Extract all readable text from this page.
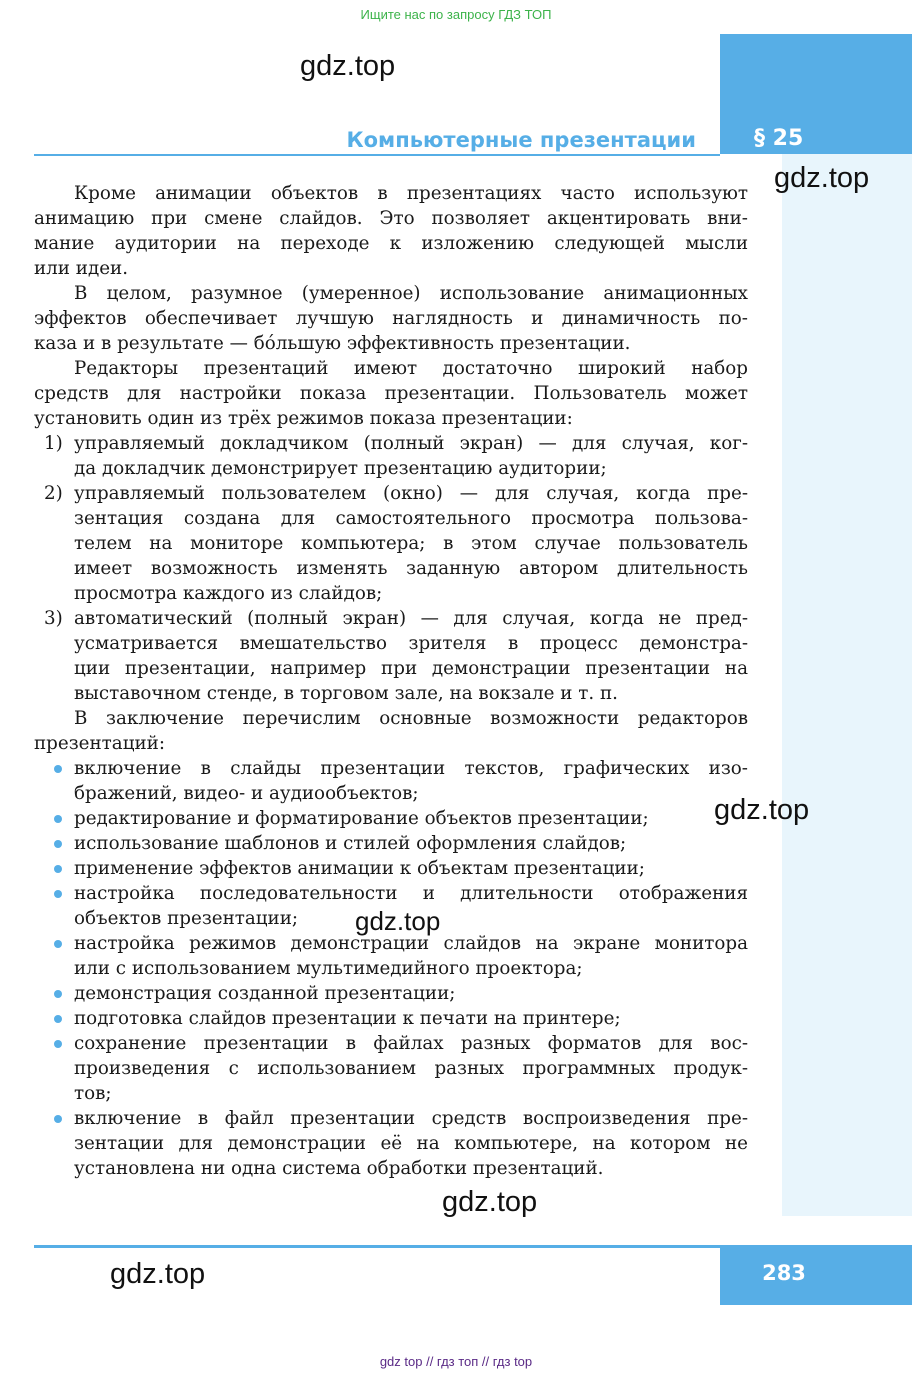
Ищите нас по запросу ГДЗ ТОП
gdz.top
Компьютерные презентации	§ 25
gdz.top
Кроме анимации объектов в презентациях часто используют
анимацию при смене слайдов. Это позволяет акцентировать вни-
мание аудитории на переходе к изложению следующей мысли
или идеи.
В целом, разумное (умеренное) использование анимационных
эффектов обеспечивает лучшую наглядность и динамичность по-
каза и в результате — бо́льшую эффективность презентации.
Редакторы презентаций имеют достаточно широкий набор
средств для настройки показа презентации. Пользователь может
установить один из трёх режимов показа презентации:
1) управляемый докладчиком (полный экран) — для случая, ког-
да докладчик демонстрирует презентацию аудитории;
2) управляемый пользователем (окно) — для случая, когда пре-
зентация создана для самостоятельного просмотра пользова-
телем на мониторе компьютера; в этом случае пользователь
имеет возможность изменять заданную автором длительность
просмотра каждого из слайдов;
3) автоматический (полный экран) — для случая, когда не пред-
усматривается вмешательство зрителя в процесс демонстра-
ции презентации, например при демонстрации презентации на
выставочном стенде, в торговом зале, на вокзале и т. п.
В заключение перечислим основные возможности редакторов
презентаций:
включение в слайды презентации текстов, графических изо-
бражений, видео- и аудиообъектов;
редактирование и форматирование объектов презентации;
использование шаблонов и стилей оформления слайдов;
применение эффектов анимации к объектам презентации;
настройка последовательности и длительности отображения
объектов презентации;
настройка режимов демонстрации слайдов на экране монитора
или с использованием мультимедийного проектора;
демонстрация созданной презентации;
подготовка слайдов презентации к печати на принтере;
сохранение презентации в файлах разных форматов для вос-
произведения с использованием разных программных продук-
тов;
включение в файл презентации средств воспроизведения пре-
зентации для демонстрации её на компьютере, на котором не
установлена ни одна система обработки презентаций.
gdz.top
gdz.top
gdz.top
283
gdz.top
gdz top // гдз топ // гдз top
